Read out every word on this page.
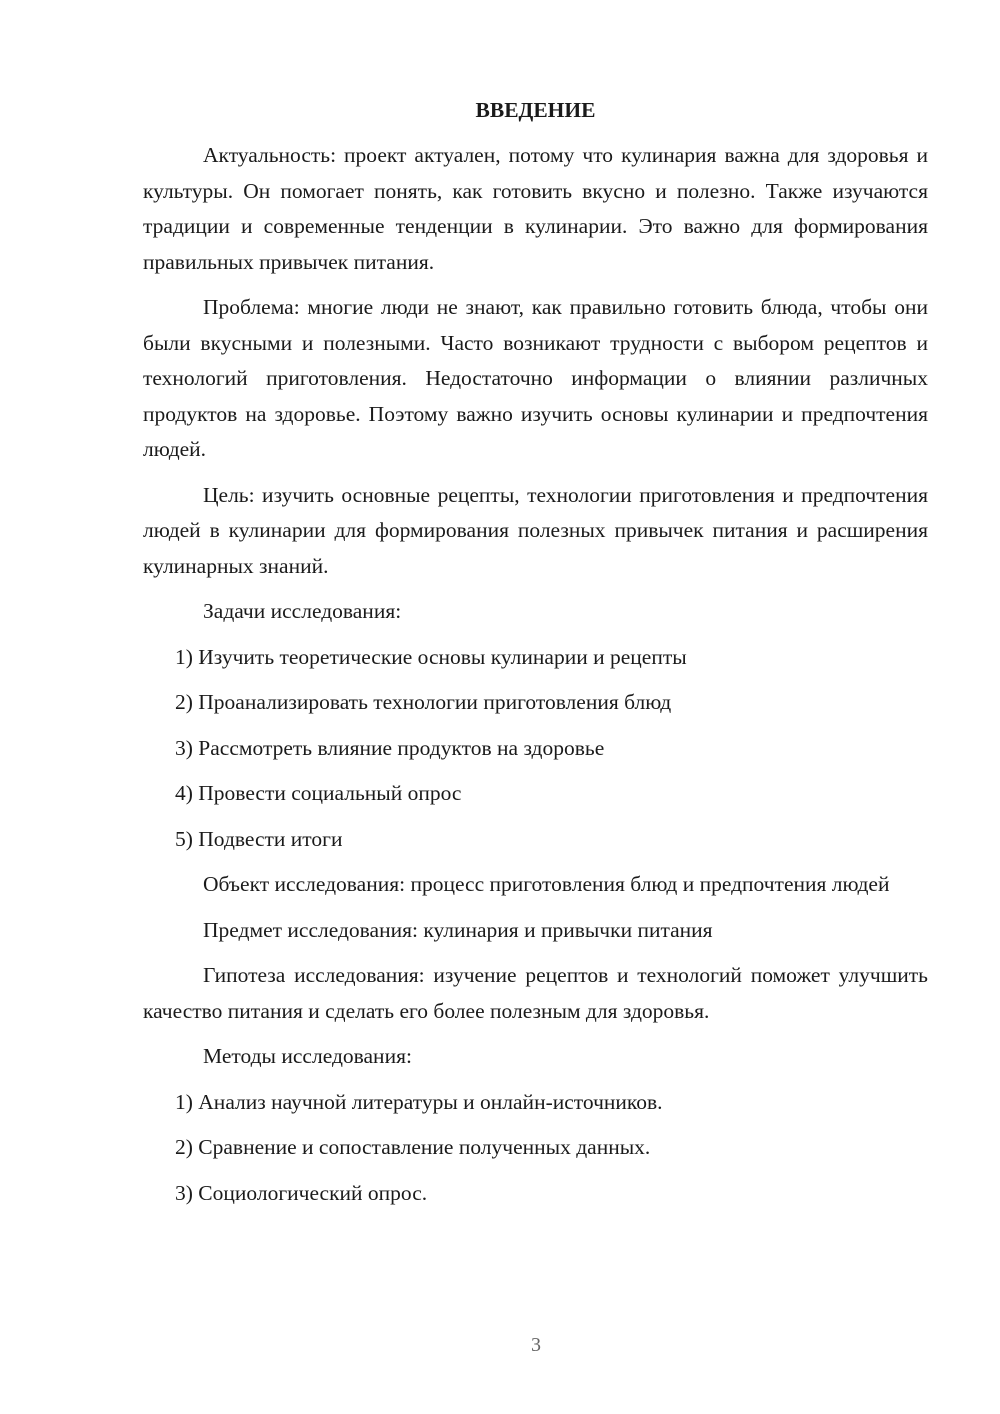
ВВЕДЕНИЕ

Актуальность: проект актуален, потому что кулинария важна для здоровья и культуры. Он помогает понять, как готовить вкусно и полезно. Также изучаются традиции и современные тенденции в кулинарии. Это важно для формирования правильных привычек питания.

Проблема: многие люди не знают, как правильно готовить блюда, чтобы они были вкусными и полезными. Часто возникают трудности с выбором рецептов и технологий приготовления. Недостаточно информации о влиянии различных продуктов на здоровье. Поэтому важно изучить основы кулинарии и предпочтения людей.

Цель: изучить основные рецепты, технологии приготовления и предпочтения людей в кулинарии для формирования полезных привычек питания и расширения кулинарных знаний.

Задачи исследования:

1) Изучить теоретические основы кулинарии и рецепты

2) Проанализировать технологии приготовления блюд

3) Рассмотреть влияние продуктов на здоровье

4) Провести социальный опрос

5) Подвести итоги

Объект исследования: процесс приготовления блюд и предпочтения людей

Предмет исследования: кулинария и привычки питания

Гипотеза исследования: изучение рецептов и технологий поможет улучшить качество питания и сделать его более полезным для здоровья.

Методы исследования:

1) Анализ научной литературы и онлайн-источников.

2) Сравнение и сопоставление полученных данных.

3) Социологический опрос.

3
